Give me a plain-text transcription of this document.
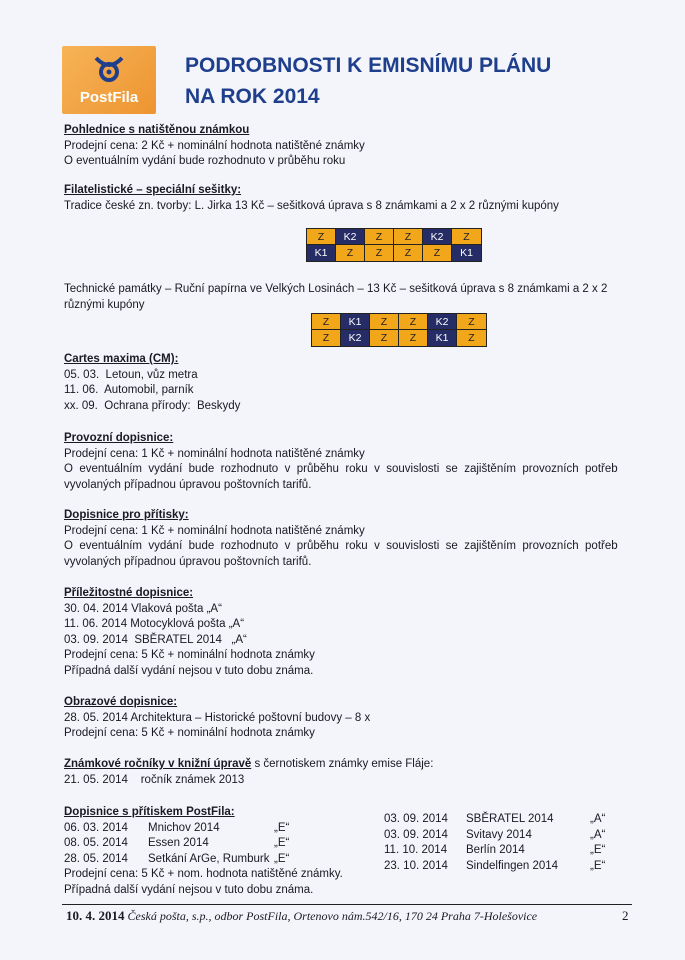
PostFila
PODROBNOSTI K EMISNÍMU PLÁNU
NA ROK 2014
Pohlednice s natištěnou známkou
Prodejní cena: 2 Kč + nominální hodnota natištěné známky
O eventuálním vydání bude rozhodnuto v průběhu roku
Filatelistické – speciální sešitky:
Tradice české zn. tvorby: L. Jirka 13 Kč – sešitková úprava s 8 známkami a 2 x 2 různými kupóny
Z	K2	Z	Z	K2	Z
K1	Z	Z	Z	Z	K1
Technické památky – Ruční papírna ve Velkých Losinách – 13 Kč – sešitková úprava s 8 známkami a 2 x 2
různými kupóny
Z	K1	Z	Z	K2	Z
Z	K2	Z	Z	K1	Z
Cartes maxima (CM):
05. 03.  Letoun, vůz metra
11. 06.  Automobil, parník
xx. 09.  Ochrana přírody:  Beskydy
Provozní dopisnice:
Prodejní cena: 1 Kč + nominální hodnota natištěné známky
O eventuálním vydání bude rozhodnuto v průběhu roku v souvislosti se zajištěním provozních potřeb
vyvolaných případnou úpravou poštovních tarifů.
Dopisnice pro přítisky:
Prodejní cena: 1 Kč + nominální hodnota natištěné známky
O eventuálním vydání bude rozhodnuto v průběhu roku v souvislosti se zajištěním provozních potřeb
vyvolaných případnou úpravou poštovních tarifů.
Příležitostné dopisnice:
30. 04. 2014 Vlaková pošta „A“
11. 06. 2014 Motocyklová pošta „A“
03. 09. 2014  SBĚRATEL 2014   „A“
Prodejní cena: 5 Kč + nominální hodnota známky
Případná další vydání nejsou v tuto dobu známa.
Obrazové dopisnice:
28. 05. 2014 Architektura – Historické poštovní budovy – 8 x
Prodejní cena: 5 Kč + nominální hodnota známky
Známkové ročníky v knižní úpravě s černotiskem známky emise Fláje:
21. 05. 2014    ročník známek 2013
Dopisnice s přítiskem PostFila:
06. 03. 2014	Mnichov 2014	„E“
08. 05. 2014	Essen 2014	„E“
28. 05. 2014	Setkání ArGe, Rumburk	„E“
Prodejní cena: 5 Kč + nom. hodnota natištěné známky.
Případná další vydání nejsou v tuto dobu známa.
03. 09. 2014	SBĚRATEL 2014	„A“
03. 09. 2014	Svitavy 2014	„A“
11. 10. 2014	Berlín 2014	„E“
23. 10. 2014	Sindelfingen 2014	„E“
10. 4. 2014 Česká pošta, s.p., odbor PostFila, Ortenovo nám.542/16, 170 24 Praha 7-Holešovice	2
